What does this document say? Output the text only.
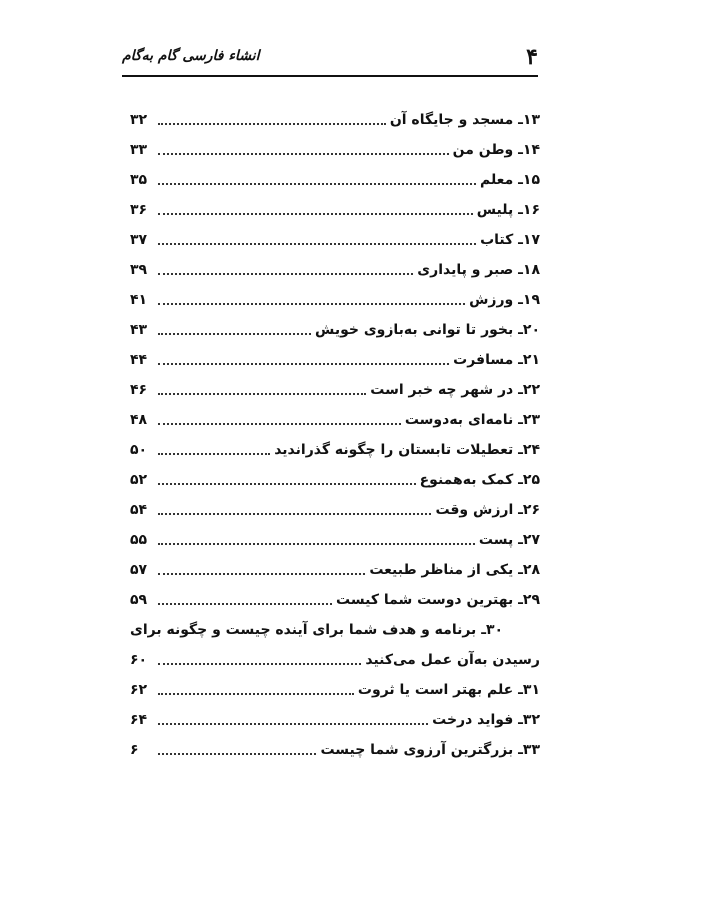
۴
انشاء فارسی گام به‌گام
۳۲	۱۳ـ مسجد و جایگاه آن
۳۳	۱۴ـ وطن من
۳۵	۱۵ـ معلم
۳۶	۱۶ـ پلیس
۳۷	۱۷ـ کتاب
۳۹	۱۸ـ صبر و پایداری
۴۱	۱۹ـ ورزش
۴۳	۲۰ـ بخور تا توانی به‌بازوی خویش
۴۴	۲۱ـ مسافرت
۴۶	۲۲ـ در شهر چه خبر است
۴۸	۲۳ـ نامه‌ای به‌دوست
۵۰	۲۴ـ تعطیلات تابستان را چگونه گذراندید
۵۲	۲۵ـ کمک به‌همنوع
۵۴	۲۶ـ ارزش وقت
۵۵	۲۷ـ پست
۵۷	۲۸ـ یکی از مناظر طبیعت
۵۹	۲۹ـ بهترین دوست شما کیست
۳۰ـ برنامه و هدف شما برای آینده چیست و چگونه برای
۶۰	رسیدن به‌آن عمل می‌کنید
۶۲	۳۱ـ علم بهتر است یا ثروت
۶۴	۳۲ـ فواید درخت
۶	۳۳ـ بزرگترین آرزوی شما چیست
